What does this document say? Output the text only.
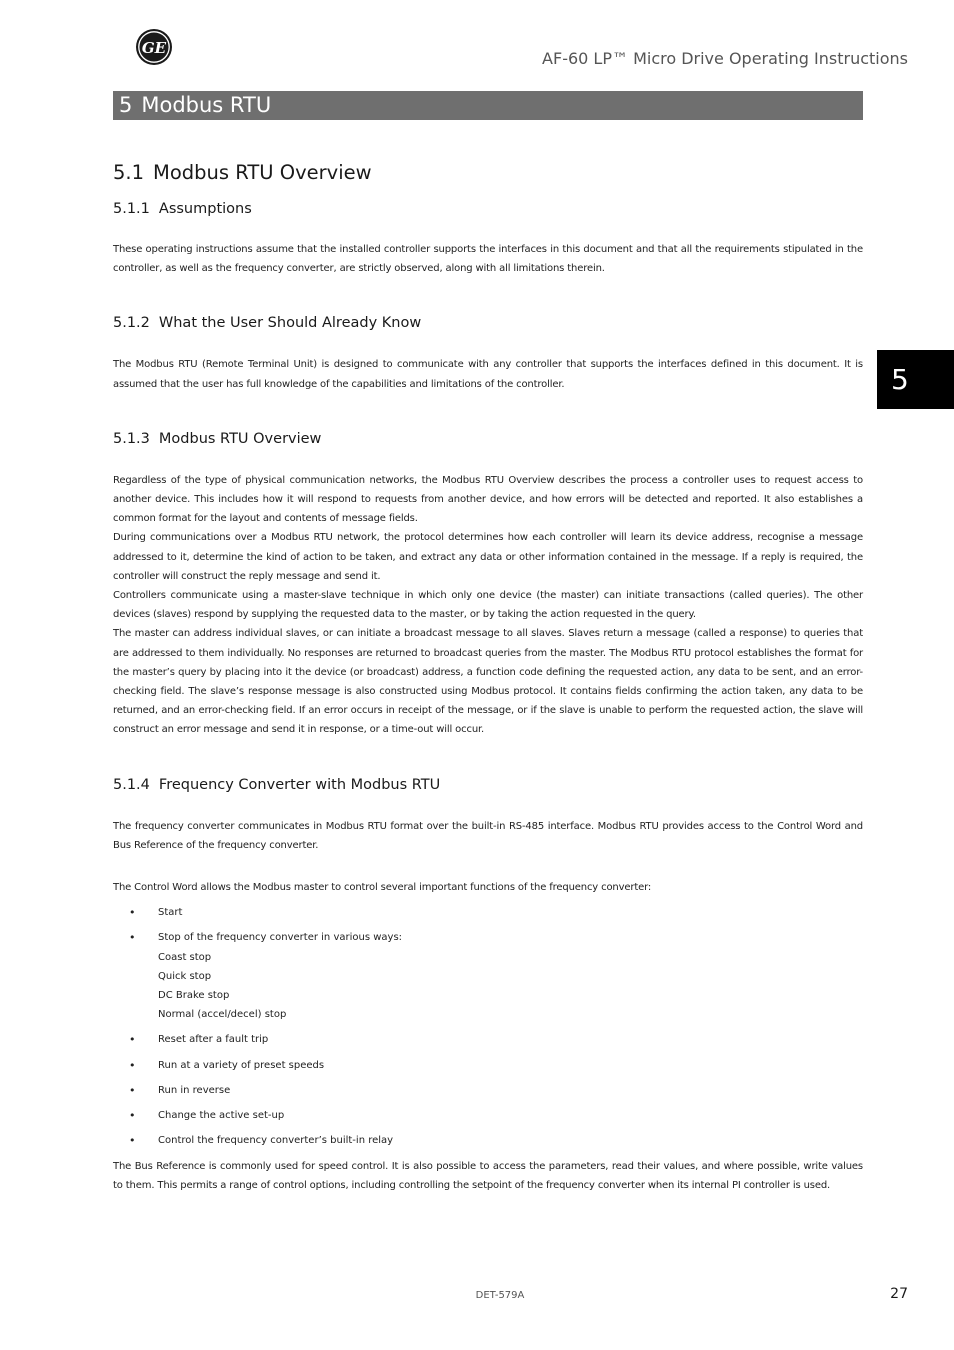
GE
AF-60 LP™ Micro Drive Operating Instructions
5 Modbus RTU
5
5.1 Modbus RTU Overview
5.1.1 Assumptions

These operating instructions assume that the installed controller supports the interfaces in this document and that all the requirements stipulated in the controller, as well as the frequency converter, are strictly observed, along with all limitations therein.

5.1.2 What the User Should Already Know

The Modbus RTU (Remote Terminal Unit) is designed to communicate with any controller that supports the interfaces defined in this document. It is assumed that the user has full knowledge of the capabilities and limitations of the controller.

5.1.3 Modbus RTU Overview

Regardless of the type of physical communication networks, the Modbus RTU Overview describes the process a controller uses to request access to another device. This includes how it will respond to requests from another device, and how errors will be detected and reported. It also establishes a common format for the layout and contents of message fields.

During communications over a Modbus RTU network, the protocol determines how each controller will learn its device address, recognise a message addressed to it, determine the kind of action to be taken, and extract any data or other information contained in the message. If a reply is required, the controller will construct the reply message and send it.

Controllers communicate using a master-slave technique in which only one device (the master) can initiate transactions (called queries). The other devices (slaves) respond by supplying the requested data to the master, or by taking the action requested in the query.

The master can address individual slaves, or can initiate a broadcast message to all slaves. Slaves return a message (called a response) to queries that are addressed to them individually. No responses are returned to broadcast queries from the master. The Modbus RTU protocol establishes the format for the master’s query by placing into it the device (or broadcast) address, a function code defining the requested action, any data to be sent, and an error-checking field. The slave’s response message is also constructed using Modbus protocol. It contains fields confirming the action taken, any data to be returned, and an error-checking field. If an error occurs in receipt of the message, or if the slave is unable to perform the requested action, the slave will construct an error message and send it in response, or a time-out will occur.

5.1.4 Frequency Converter with Modbus RTU

The frequency converter communicates in Modbus RTU format over the built-in RS-485 interface. Modbus RTU provides access to the Control Word and Bus Reference of the frequency converter.

The Control Word allows the Modbus master to control several important functions of the frequency converter:

• Start
• Stop of the frequency converter in various ways:
Coast stop
Quick stop
DC Brake stop
Normal (accel/decel) stop
• Reset after a fault trip
• Run at a variety of preset speeds
• Run in reverse
• Change the active set-up
• Control the frequency converter’s built-in relay

The Bus Reference is commonly used for speed control. It is also possible to access the parameters, read their values, and where possible, write values to them. This permits a range of control options, including controlling the setpoint of the frequency converter when its internal PI controller is used.

DET-579A	27
